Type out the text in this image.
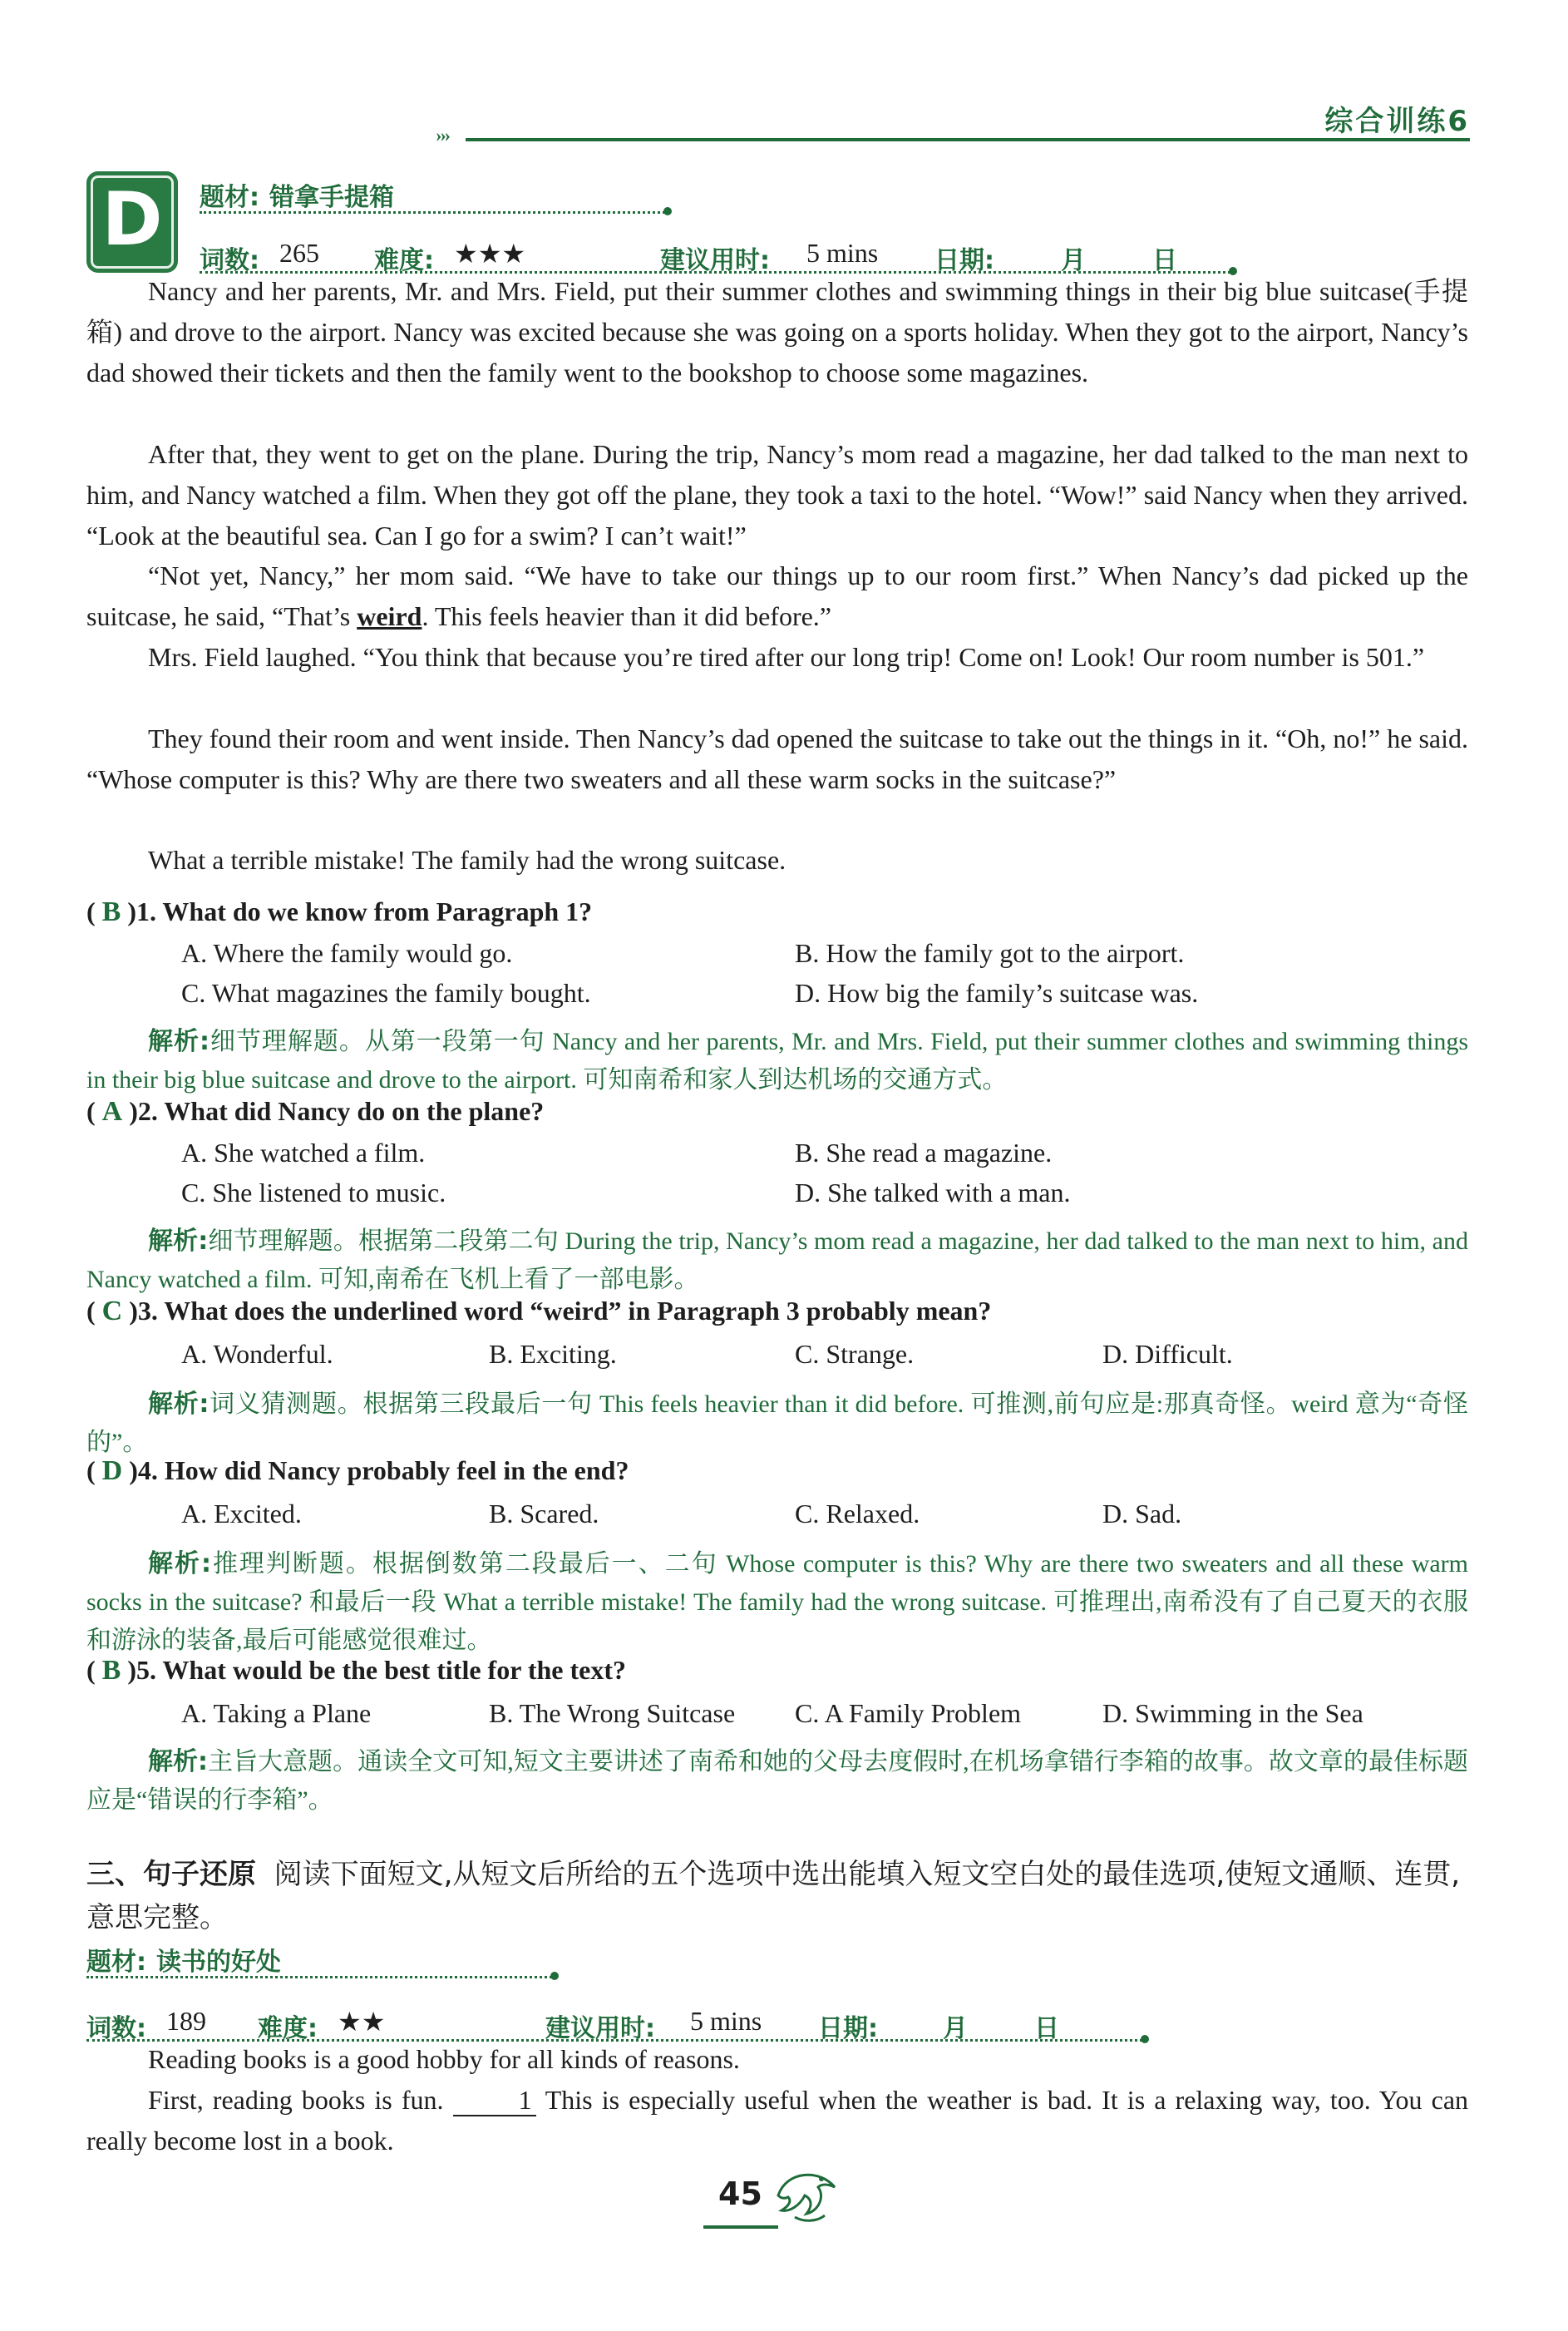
›››	综合训练6
D	题材: 错拿手提箱
词数: 265 难度: ★★★	建议用时: 5 mins 日期:	月	日
Nancy and her parents, Mr. and Mrs. Field, put their summer clothes and swimming things in their big blue suitcase(手提箱) and drove to the airport. Nancy was excited because she was going on a sports holiday. When they got to the airport, Nancy’s dad showed their tickets and then the family went to the bookshop to choose some magazines.
After that, they went to get on the plane. During the trip, Nancy’s mom read a magazine, her dad talked to the man next to him, and Nancy watched a film. When they got off the plane, they took a taxi to the hotel. “Wow!” said Nancy when they arrived. “Look at the beautiful sea. Can I go for a swim? I can’t wait!”
“Not yet, Nancy,” her mom said. “We have to take our things up to our room first.” When Nancy’s dad picked up the suitcase, he said, “That’s weird. This feels heavier than it did before.”
Mrs. Field laughed. “You think that because you’re tired after our long trip! Come on! Look! Our room number is 501.”
They found their room and went inside. Then Nancy’s dad opened the suitcase to take out the things in it. “Oh, no!” he said. “Whose computer is this? Why are there two sweaters and all these warm socks in the suitcase?”
What a terrible mistake! The family had the wrong suitcase.
( B )1. What do we know from Paragraph 1?
A. Where the family would go.	B. How the family got to the airport.
C. What magazines the family bought.	D. How big the family’s suitcase was.
解析:细节理解题。从第一段第一句 Nancy and her parents, Mr. and Mrs. Field, put their summer clothes and swimming things in their big blue suitcase and drove to the airport. 可知南希和家人到达机场的交通方式。
( A )2. What did Nancy do on the plane?
A. She watched a film.	B. She read a magazine.
C. She listened to music.	D. She talked with a man.
解析:细节理解题。根据第二段第二句 During the trip, Nancy’s mom read a magazine, her dad talked to the man next to him, and Nancy watched a film. 可知,南希在飞机上看了一部电影。
( C )3. What does the underlined word “weird” in Paragraph 3 probably mean?
A. Wonderful.	B. Exciting.	C. Strange.	D. Difficult.
解析:词义猜测题。根据第三段最后一句 This feels heavier than it did before. 可推测,前句应是:那真奇怪。weird 意为“奇怪的”。
( D )4. How did Nancy probably feel in the end?
A. Excited.	B. Scared.	C. Relaxed.	D. Sad.
解析:推理判断题。根据倒数第二段最后一、二句 Whose computer is this? Why are there two sweaters and all these warm socks in the suitcase? 和最后一段 What a terrible mistake! The family had the wrong suitcase. 可推理出,南希没有了自己夏天的衣服和游泳的装备,最后可能感觉很难过。
( B )5. What would be the best title for the text?
A. Taking a Plane	B. The Wrong Suitcase C. A Family Problem	D. Swimming in the Sea
解析:主旨大意题。通读全文可知,短文主要讲述了南希和她的父母去度假时,在机场拿错行李箱的故事。故文章的最佳标题应是“错误的行李箱”。
三、句子还原 阅读下面短文,从短文后所给的五个选项中选出能填入短文空白处的最佳选项,使短文通顺、连贯,意思完整。
题材: 读书的好处
词数: 189 难度: ★★	建议用时: 5 mins 日期:	月	日
Reading books is a good hobby for all kinds of reasons.
First, reading books is fun.	1 This is especially useful when the weather is bad. It is a relaxing way, too. You can really become lost in a book.
45
